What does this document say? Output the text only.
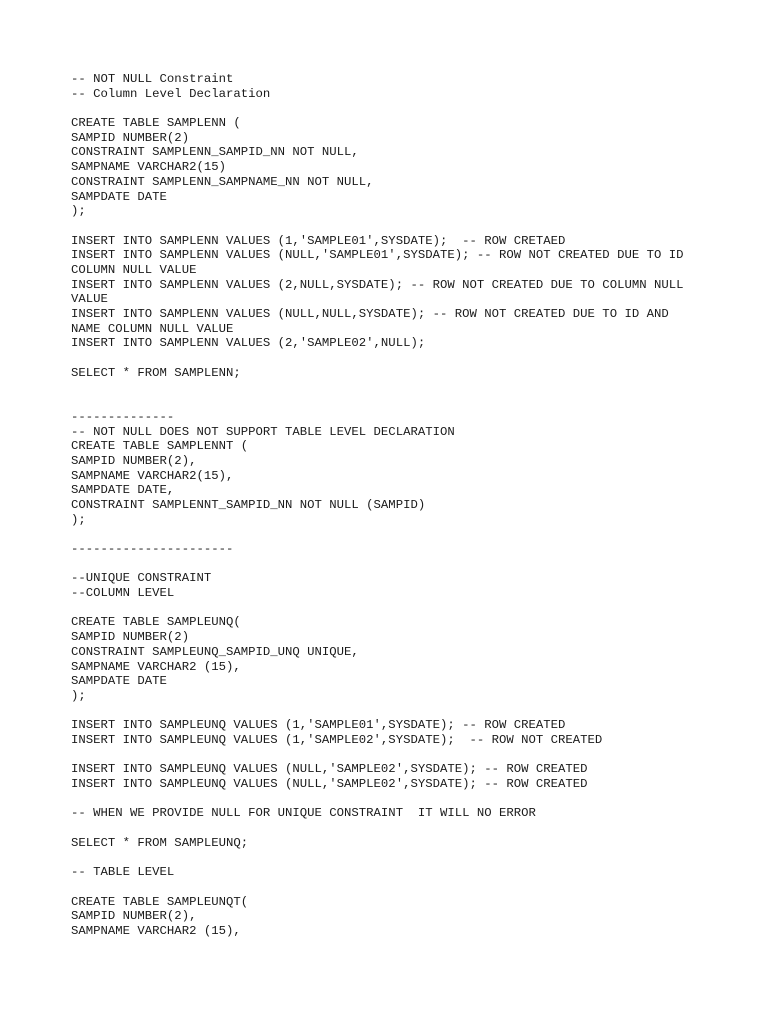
-- NOT NULL Constraint
-- Column Level Declaration
CREATE TABLE SAMPLENN (
SAMPID NUMBER(2)
CONSTRAINT SAMPLENN_SAMPID_NN NOT NULL,
SAMPNAME VARCHAR2(15)
CONSTRAINT SAMPLENN_SAMPNAME_NN NOT NULL,
SAMPDATE DATE
);
INSERT INTO SAMPLENN VALUES (1,'SAMPLE01',SYSDATE);  -- ROW CRETAED
INSERT INTO SAMPLENN VALUES (NULL,'SAMPLE01',SYSDATE); -- ROW NOT CREATED DUE TO ID
COLUMN NULL VALUE
INSERT INTO SAMPLENN VALUES (2,NULL,SYSDATE); -- ROW NOT CREATED DUE TO COLUMN NULL
VALUE
INSERT INTO SAMPLENN VALUES (NULL,NULL,SYSDATE); -- ROW NOT CREATED DUE TO ID AND
NAME COLUMN NULL VALUE
INSERT INTO SAMPLENN VALUES (2,'SAMPLE02',NULL);
SELECT * FROM SAMPLENN;
--------------
-- NOT NULL DOES NOT SUPPORT TABLE LEVEL DECLARATION
CREATE TABLE SAMPLENNT (
SAMPID NUMBER(2),
SAMPNAME VARCHAR2(15),
SAMPDATE DATE,
CONSTRAINT SAMPLENNT_SAMPID_NN NOT NULL (SAMPID)
);
----------------------
--UNIQUE CONSTRAINT
--COLUMN LEVEL
CREATE TABLE SAMPLEUNQ(
SAMPID NUMBER(2)
CONSTRAINT SAMPLEUNQ_SAMPID_UNQ UNIQUE,
SAMPNAME VARCHAR2 (15),
SAMPDATE DATE
);
INSERT INTO SAMPLEUNQ VALUES (1,'SAMPLE01',SYSDATE); -- ROW CREATED
INSERT INTO SAMPLEUNQ VALUES (1,'SAMPLE02',SYSDATE);  -- ROW NOT CREATED
INSERT INTO SAMPLEUNQ VALUES (NULL,'SAMPLE02',SYSDATE); -- ROW CREATED
INSERT INTO SAMPLEUNQ VALUES (NULL,'SAMPLE02',SYSDATE); -- ROW CREATED
-- WHEN WE PROVIDE NULL FOR UNIQUE CONSTRAINT  IT WILL NO ERROR
SELECT * FROM SAMPLEUNQ;
-- TABLE LEVEL
CREATE TABLE SAMPLEUNQT(
SAMPID NUMBER(2),
SAMPNAME VARCHAR2 (15),
